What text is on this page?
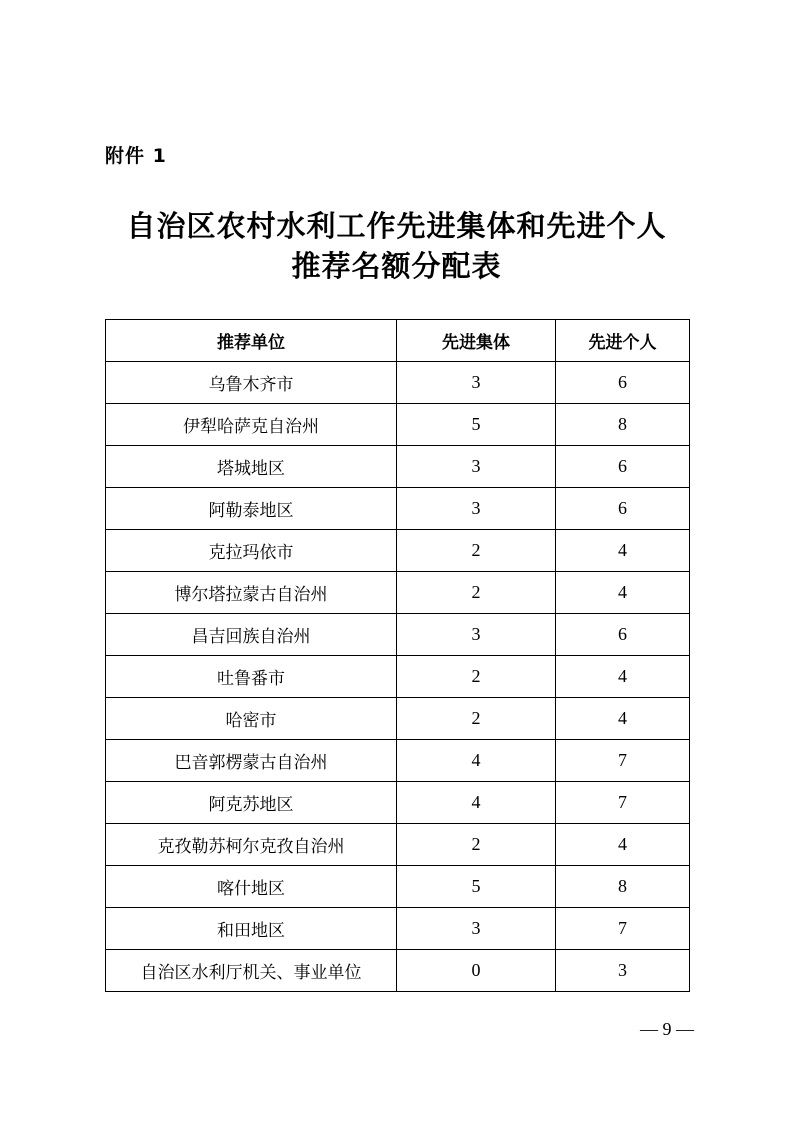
附件 1
自治区农村水利工作先进集体和先进个人
推荐名额分配表
推荐单位	先进集体	先进个人
乌鲁木齐市	3	6
伊犁哈萨克自治州	5	8
塔城地区	3	6
阿勒泰地区	3	6
克拉玛依市	2	4
博尔塔拉蒙古自治州	2	4
昌吉回族自治州	3	6
吐鲁番市	2	4
哈密市	2	4
巴音郭楞蒙古自治州	4	7
阿克苏地区	4	7
克孜勒苏柯尔克孜自治州	2	4
喀什地区	5	8
和田地区	3	7
自治区水利厅机关、事业单位	0	3
— 9 —
